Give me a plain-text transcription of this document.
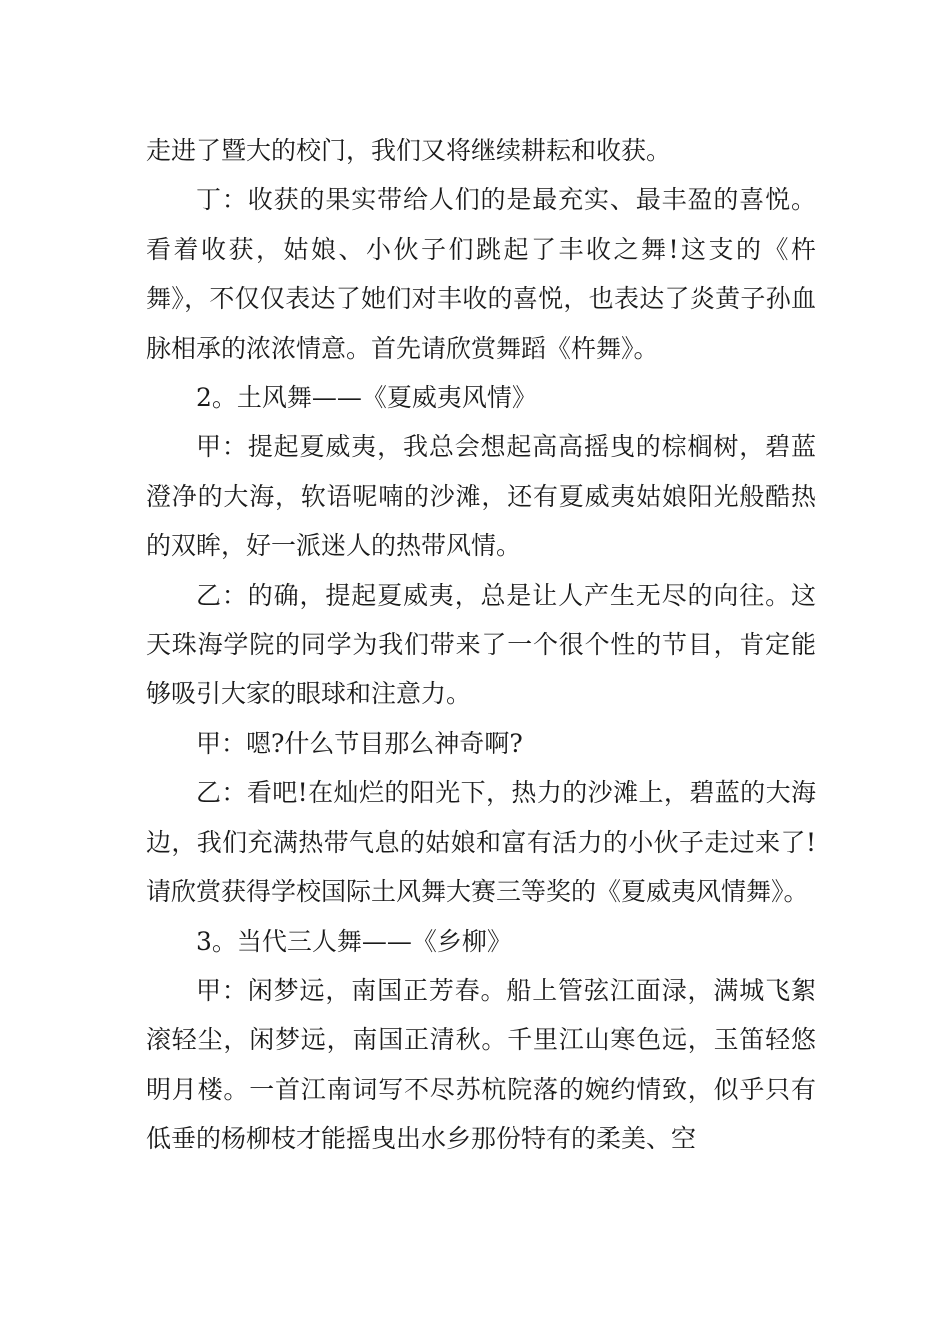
走进了暨大的校门，我们又将继续耕耘和收获。

丁：收获的果实带给人们的是最充实、最丰盈的喜悦。看着收获，姑娘、小伙子们跳起了丰收之舞!这支的《杵舞》，不仅仅表达了她们对丰收的喜悦，也表达了炎黄子孙血脉相承的浓浓情意。首先请欣赏舞蹈《杵舞》。

2。土风舞——《夏威夷风情》

甲：提起夏威夷，我总会想起高高摇曳的棕榈树，碧蓝澄净的大海，软语呢喃的沙滩，还有夏威夷姑娘阳光般酷热的双眸，好一派迷人的热带风情。

乙：的确，提起夏威夷，总是让人产生无尽的向往。这天珠海学院的同学为我们带来了一个很个性的节目，肯定能够吸引大家的眼球和注意力。

甲：嗯?什么节目那么神奇啊?

乙：看吧!在灿烂的阳光下，热力的沙滩上，碧蓝的大海边，我们充满热带气息的姑娘和富有活力的小伙子走过来了!请欣赏获得学校国际土风舞大赛三等奖的《夏威夷风情舞》。

3。当代三人舞——《乡柳》

甲：闲梦远，南国正芳春。船上管弦江面渌，满城飞絮滚轻尘，闲梦远，南国正清秋。千里江山寒色远，玉笛轻悠明月楼。一首江南词写不尽苏杭院落的婉约情致，似乎只有低垂的杨柳枝才能摇曳出水乡那份特有的柔美、空
